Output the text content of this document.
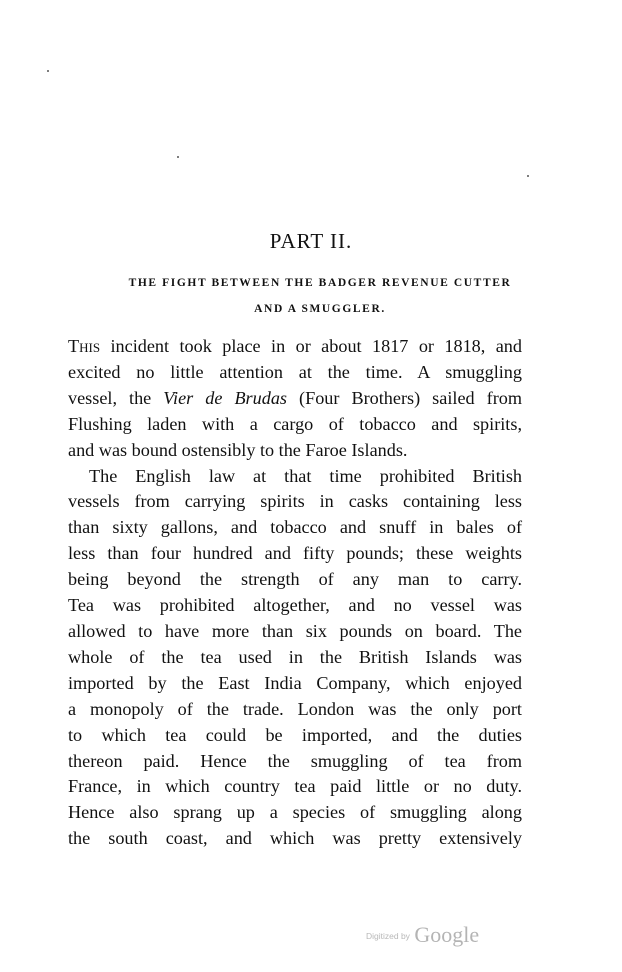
PART II.
THE FIGHT BETWEEN THE BADGER REVENUE CUTTER
AND A SMUGGLER.
This incident took place in or about 1817 or 1818, and
excited no little attention at the time. A smuggling
vessel, the Vier de Brudas (Four Brothers) sailed from
Flushing laden with a cargo of tobacco and spirits,
and was bound ostensibly to the Faroe Islands.
The English law at that time prohibited British
vessels from carrying spirits in casks containing less
than sixty gallons, and tobacco and snuff in bales of
less than four hundred and fifty pounds; these weights
being beyond the strength of any man to carry.
Tea was prohibited altogether, and no vessel was
allowed to have more than six pounds on board. The
whole of the tea used in the British Islands was
imported by the East India Company, which enjoyed
a monopoly of the trade. London was the only port
to which tea could be imported, and the duties
thereon paid. Hence the smuggling of tea from
France, in which country tea paid little or no duty.
Hence also sprang up a species of smuggling along
the south coast, and which was pretty extensively
Digitized by Google
